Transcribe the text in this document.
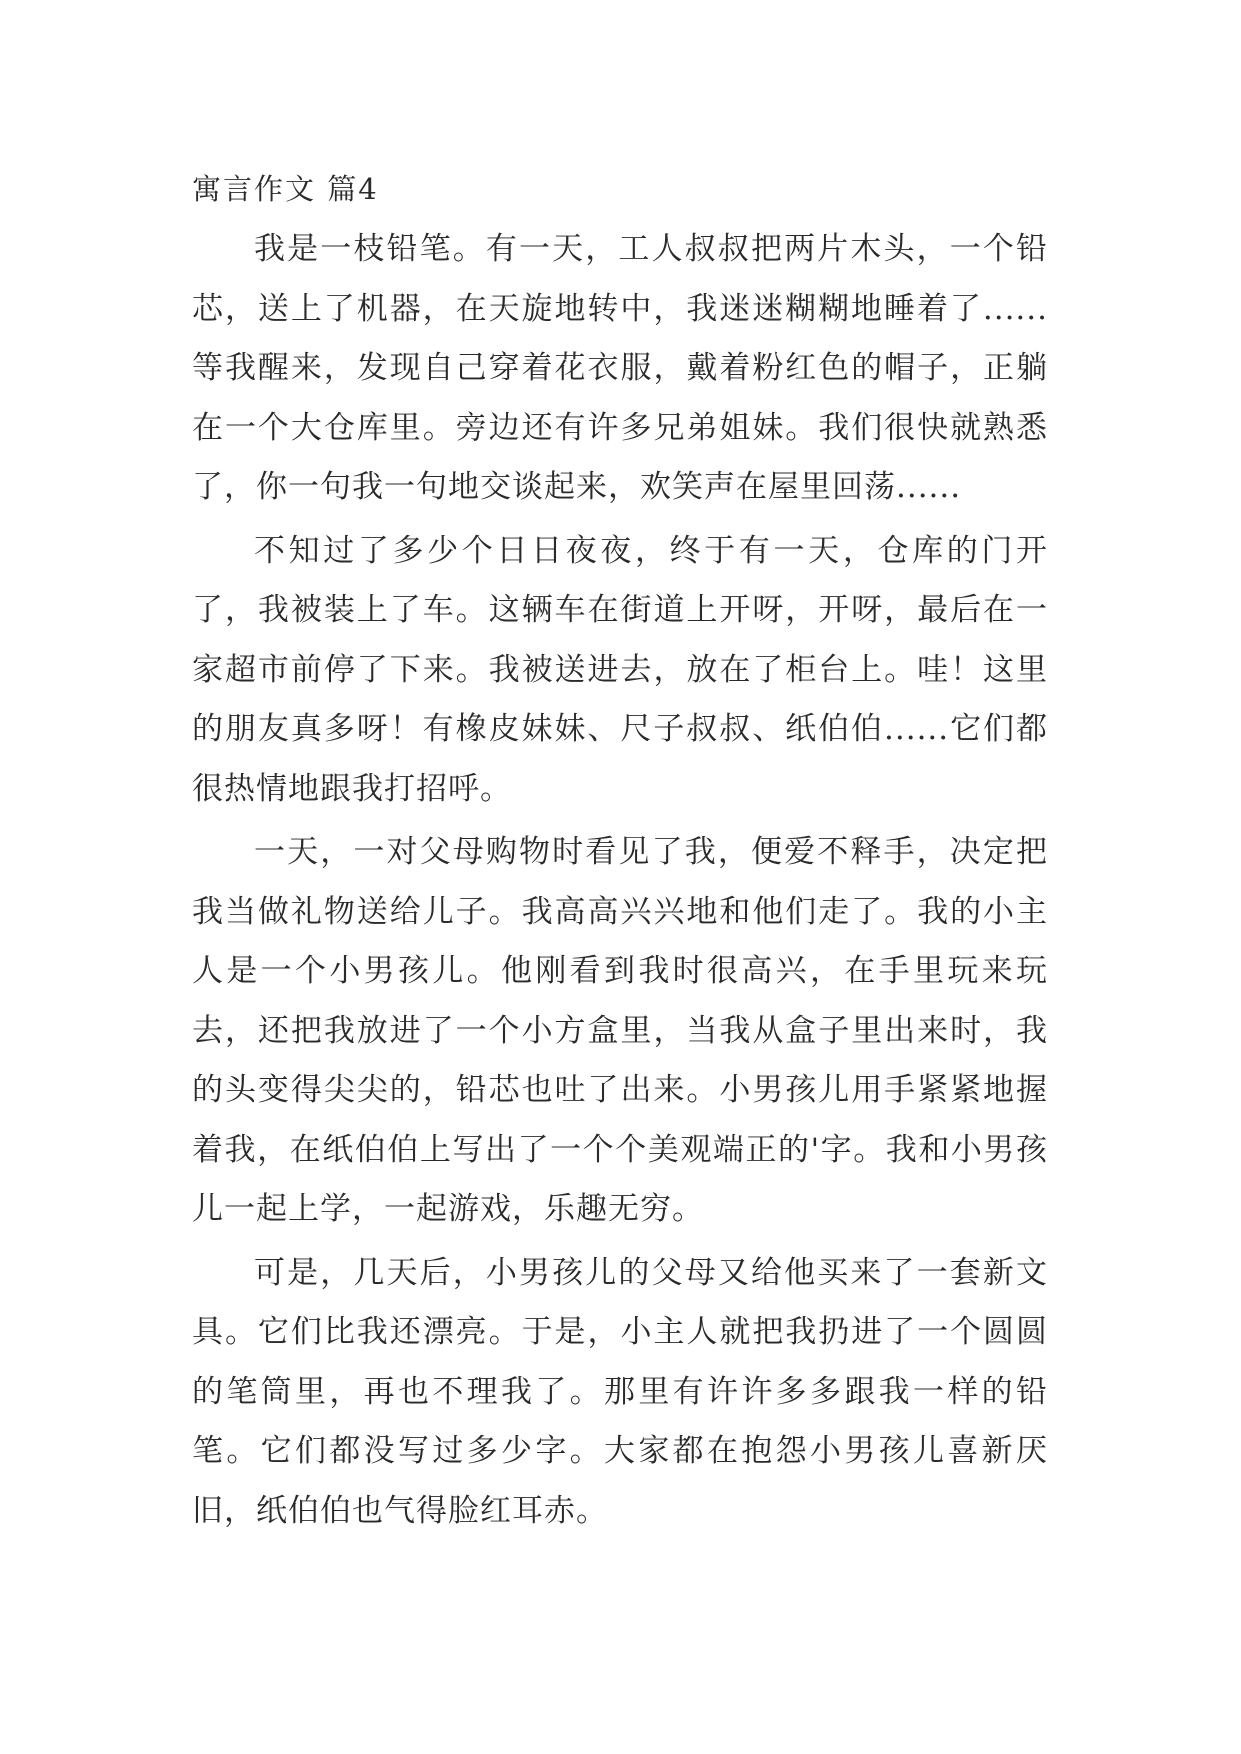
寓言作文 篇4

我是一枝铅笔。有一天，工人叔叔把两片木头，一个铅芯，送上了机器，在天旋地转中，我迷迷糊糊地睡着了......等我醒来，发现自己穿着花衣服，戴着粉红色的帽子，正躺在一个大仓库里。旁边还有许多兄弟姐妹。我们很快就熟悉了，你一句我一句地交谈起来，欢笑声在屋里回荡......

不知过了多少个日日夜夜，终于有一天，仓库的门开了，我被装上了车。这辆车在街道上开呀，开呀，最后在一家超市前停了下来。我被送进去，放在了柜台上。哇！这里的朋友真多呀！有橡皮妹妹、尺子叔叔、纸伯伯......它们都很热情地跟我打招呼。

一天，一对父母购物时看见了我，便爱不释手，决定把我当做礼物送给儿子。我高高兴兴地和他们走了。我的小主人是一个小男孩儿。他刚看到我时很高兴，在手里玩来玩去，还把我放进了一个小方盒里，当我从盒子里出来时，我的头变得尖尖的，铅芯也吐了出来。小男孩儿用手紧紧地握着我，在纸伯伯上写出了一个个美观端正的'字。我和小男孩儿一起上学，一起游戏，乐趣无穷。

可是，几天后，小男孩儿的父母又给他买来了一套新文具。它们比我还漂亮。于是，小主人就把我扔进了一个圆圆的笔筒里，再也不理我了。那里有许许多多跟我一样的铅笔。它们都没写过多少字。大家都在抱怨小男孩儿喜新厌旧，纸伯伯也气得脸红耳赤。
